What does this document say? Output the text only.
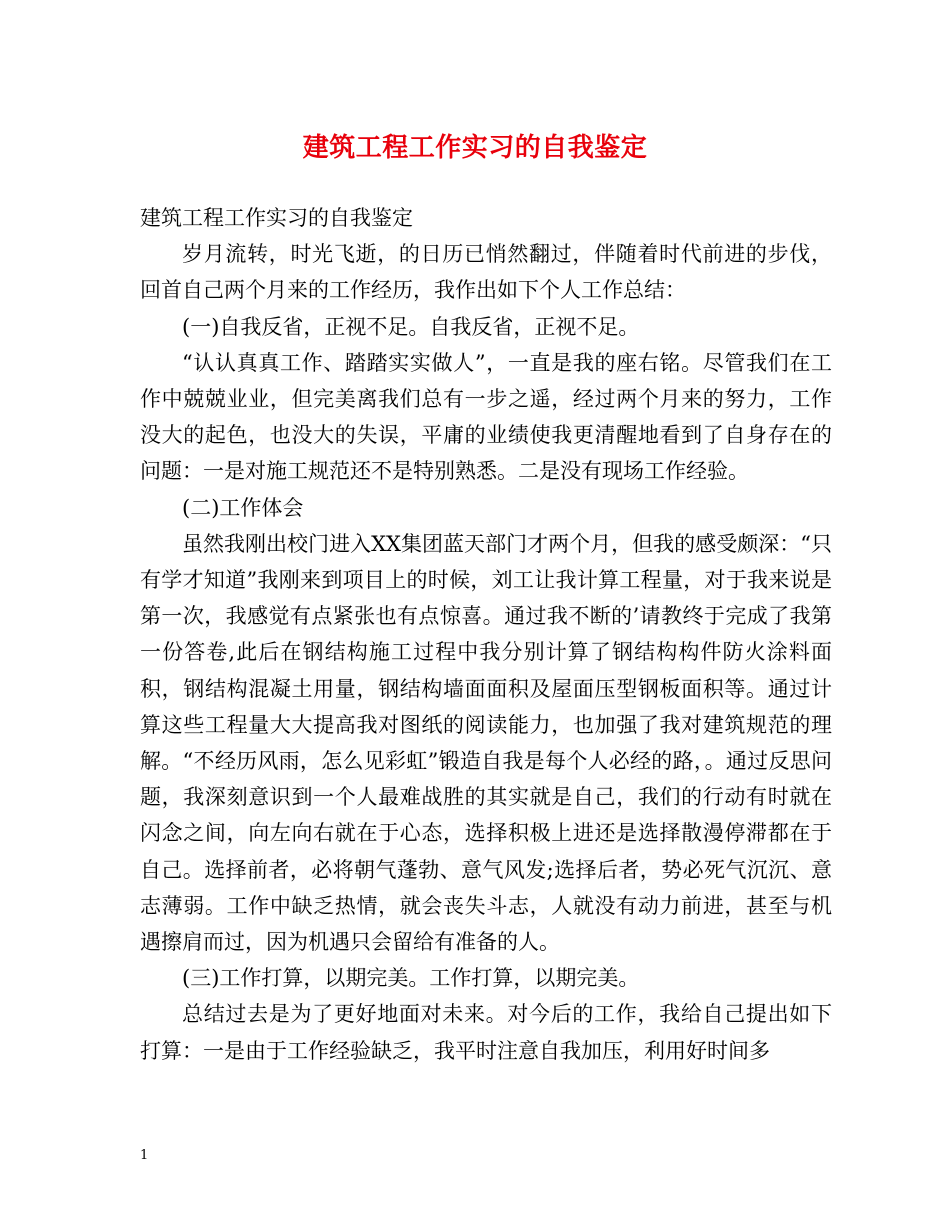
建筑工程工作实习的自我鉴定

建筑工程工作实习的自我鉴定

岁月流转，时光飞逝，的日历已悄然翻过，伴随着时代前进的步伐，回首自己两个月来的工作经历，我作出如下个人工作总结：

(一)自我反省，正视不足。自我反省，正视不足。

“认认真真工作、踏踏实实做人”，一直是我的座右铭。尽管我们在工作中兢兢业业，但完美离我们总有一步之遥，经过两个月来的努力，工作没大的起色，也没大的失误，平庸的业绩使我更清醒地看到了自身存在的问题：一是对施工规范还不是特别熟悉。二是没有现场工作经验。

(二)工作体会

虽然我刚出校门进入XX集团蓝天部门才两个月，但我的感受颇深：“只有学才知道”我刚来到项目上的时候，刘工让我计算工程量，对于我来说是第一次，我感觉有点紧张也有点惊喜。通过我不断的’请教终于完成了我第一份答卷,此后在钢结构施工过程中我分别计算了钢结构构件防火涂料面积，钢结构混凝土用量，钢结构墙面面积及屋面压型钢板面积等。通过计算这些工程量大大提高我对图纸的阅读能力，也加强了我对建筑规范的理解。“不经历风雨，怎么见彩虹”锻造自我是每个人必经的路，。通过反思问题，我深刻意识到一个人最难战胜的其实就是自己，我们的行动有时就在闪念之间，向左向右就在于心态，选择积极上进还是选择散漫停滞都在于自己。选择前者，必将朝气蓬勃、意气风发;选择后者，势必死气沉沉、意志薄弱。工作中缺乏热情，就会丧失斗志，人就没有动力前进，甚至与机遇擦肩而过，因为机遇只会留给有准备的人。

(三)工作打算，以期完美。工作打算，以期完美。

总结过去是为了更好地面对未来。对今后的工作，我给自己提出如下打算：一是由于工作经验缺乏，我平时注意自我加压，利用好时间多

1
